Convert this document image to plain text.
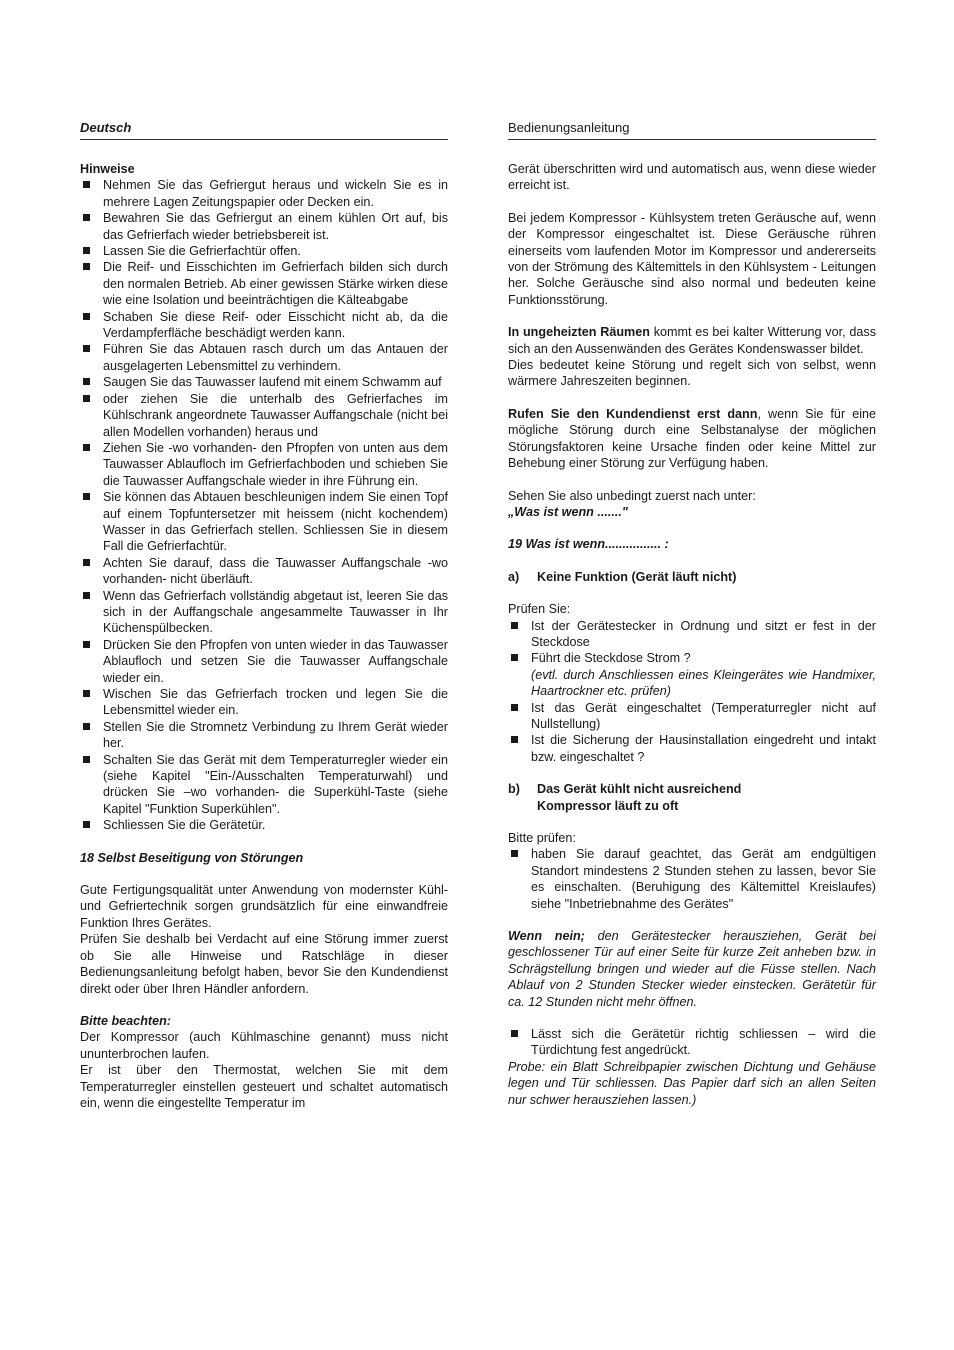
Deutsch
Hinweise
Nehmen Sie das Gefriergut heraus und wickeln Sie es in mehrere Lagen Zeitungspapier oder Decken ein.
Bewahren Sie das Gefriergut an einem kühlen Ort auf, bis das Gefrierfach wieder betriebsbereit ist.
Lassen Sie die Gefrierfachtür offen.
Die Reif- und Eisschichten im Gefrierfach bilden sich durch den normalen Betrieb. Ab einer gewissen Stärke wirken diese wie eine Isolation und beeinträchtigen die Kälteabgabe
Schaben Sie diese Reif- oder Eisschicht nicht ab, da die Verdampferfläche beschädigt werden kann.
Führen Sie das Abtauen rasch durch um das Antauen der ausgelagerten Lebensmittel zu verhindern.
Saugen Sie das Tauwasser laufend mit einem Schwamm auf
oder ziehen Sie die unterhalb des Gefrierfaches im Kühlschrank angeordnete Tauwasser Auffangschale (nicht bei allen Modellen vorhanden) heraus und
Ziehen Sie -wo vorhanden- den Pfropfen von unten aus dem Tauwasser Ablaufloch im Gefrierfachboden und schieben Sie die Tauwasser Auffangschale wieder in ihre Führung ein.
Sie können das Abtauen beschleunigen indem Sie einen Topf auf einem Topfuntersetzer mit heissem (nicht kochendem) Wasser in das Gefrierfach stellen. Schliessen Sie in diesem Fall die Gefrierfachtür.
Achten Sie darauf, dass die Tauwasser Auffangschale -wo vorhanden- nicht überläuft.
Wenn das Gefrierfach vollständig abgetaut ist, leeren Sie das sich in der Auffangschale angesammelte Tauwasser in Ihr Küchenspülbecken.
Drücken Sie den Pfropfen von unten wieder in das Tauwasser Ablaufloch und setzen Sie die Tauwasser Auffangschale wieder ein.
Wischen Sie das Gefrierfach trocken und legen Sie die Lebensmittel wieder ein.
Stellen Sie die Stromnetz Verbindung zu Ihrem Gerät wieder her.
Schalten Sie das Gerät mit dem Temperaturregler wieder ein (siehe Kapitel "Ein-/Ausschalten Temperaturwahl) und drücken Sie –wo vorhanden- die Superkühl-Taste (siehe Kapitel "Funktion Superkühlen".
Schliessen Sie die Gerätetür.
18 Selbst Beseitigung von Störungen

Gute Fertigungsqualität unter Anwendung von modernster Kühl- und Gefriertechnik sorgen grundsätzlich für eine einwandfreie Funktion Ihres Gerätes.

Prüfen Sie deshalb bei Verdacht auf eine Störung immer zuerst ob Sie alle Hinweise und Ratschläge in dieser Bedienungsanleitung befolgt haben, bevor Sie den Kundendienst direkt oder über Ihren Händler anfordern.

Bitte beachten:

Der Kompressor (auch Kühlmaschine genannt) muss nicht ununterbrochen laufen.

Er ist über den Thermostat, welchen Sie mit dem Temperaturregler einstellen gesteuert und schaltet automatisch ein, wenn die eingestellte Temperatur im

Bedienungsanleitung

Gerät überschritten wird und automatisch aus, wenn diese wieder erreicht ist.

Bei jedem Kompressor - Kühlsystem treten Geräusche auf, wenn der Kompressor eingeschaltet ist. Diese Geräusche rühren einerseits vom laufenden Motor im Kompressor und andererseits von der Strömung des Kältemittels in den Kühlsystem - Leitungen her. Solche Geräusche sind also normal und bedeuten keine Funktionsstörung.

In ungeheizten Räumen kommt es bei kalter Witterung vor, dass sich an den Aussenwänden des Gerätes Kondenswasser bildet.

Dies bedeutet keine Störung und regelt sich von selbst, wenn wärmere Jahreszeiten beginnen.

Rufen Sie den Kundendienst erst dann, wenn Sie für eine mögliche Störung durch eine Selbstanalyse der möglichen Störungsfaktoren keine Ursache finden oder keine Mittel zur Behebung einer Störung zur Verfügung haben.

Sehen Sie also unbedingt zuerst nach unter:

„Was ist wenn ......."
19 Was ist wenn................ :
a)	Keine Funktion (Gerät läuft nicht)
Prüfen Sie:
Ist der Gerätestecker in Ordnung und sitzt er fest in der Steckdose
Führt die Steckdose Strom ?
(evtl. durch Anschliessen eines Kleingerätes wie Handmixer, Haartrockner etc. prüfen)
Ist das Gerät eingeschaltet (Temperaturregler nicht auf Nullstellung)
Ist die Sicherung der Hausinstallation eingedreht und intakt bzw. eingeschaltet ?
b)	Das Gerät kühlt nicht ausreichend
Kompressor läuft zu oft
Bitte prüfen:
haben Sie darauf geachtet, das Gerät am endgültigen Standort mindestens 2 Stunden stehen zu lassen, bevor Sie es einschalten. (Beruhigung des Kältemittel Kreislaufes) siehe "Inbetriebnahme des Gerätes"

Wenn nein; den Gerätestecker herausziehen, Gerät bei geschlossener Tür auf einer Seite für kurze Zeit anheben bzw. in Schrägstellung bringen und wieder auf die Füsse stellen. Nach Ablauf von 2 Stunden Stecker wieder einstecken. Gerätetür für ca. 12 Stunden nicht mehr öffnen.

Lässt sich die Gerätetür richtig schliessen – wird die Türdichtung fest angedrückt.

Probe: ein Blatt Schreibpapier zwischen Dichtung und Gehäuse legen und Tür schliessen. Das Papier darf sich an allen Seiten nur schwer herausziehen lassen.)
